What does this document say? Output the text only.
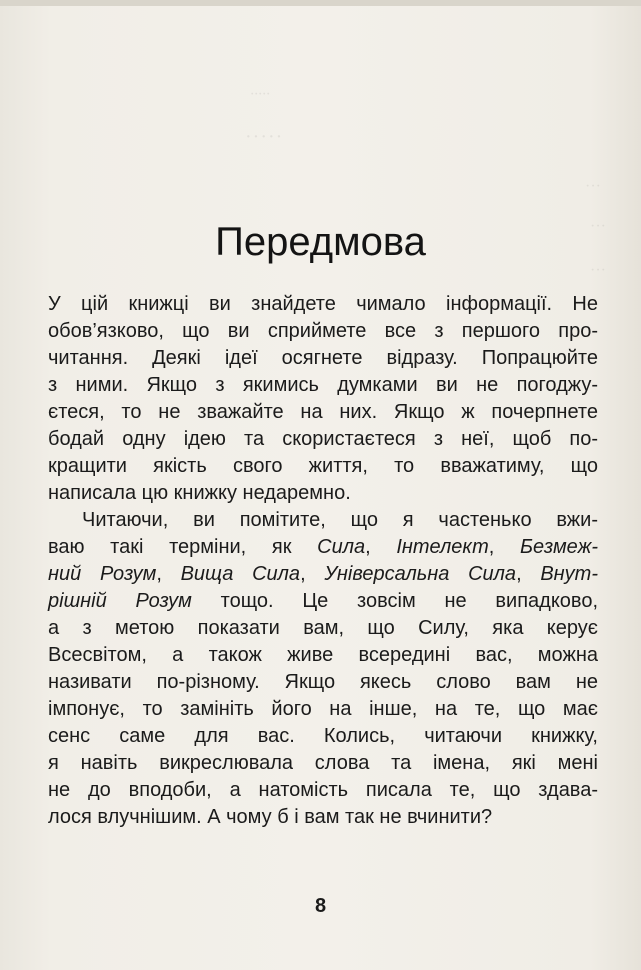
·····
·····
···
···
···
Передмова
У цій книжці ви знайдете чимало інформації. Не
обов’язково, що ви сприймете все з першого про-
читання. Деякі ідеї осягнете відразу. Попрацюйте
з ними. Якщо з якимись думками ви не погоджу-
єтеся, то не зважайте на них. Якщо ж почерпнете
бодай одну ідею та скористаєтеся з неї, щоб по-
кращити якість свого життя, то вважатиму, що
написала цю книжку недаремно.
Читаючи, ви помітите, що я частенько вжи-
ваю такі терміни, як Сила, Інтелект, Безмеж-
ний Розум, Вища Сила, Універсальна Сила, Внут-
рішній Розум тощо. Це зовсім не випадково,
а з метою показати вам, що Силу, яка керує
Всесвітом, а також живе всередині вас, можна
називати по-різному. Якщо якесь слово вам не
імпонує, то замініть його на інше, на те, що має
сенс саме для вас. Колись, читаючи книжку,
я навіть викреслювала слова та імена, які мені
не до вподоби, а натомість писала те, що здава-
лося влучнішим. А чому б і вам так не вчинити?
8
